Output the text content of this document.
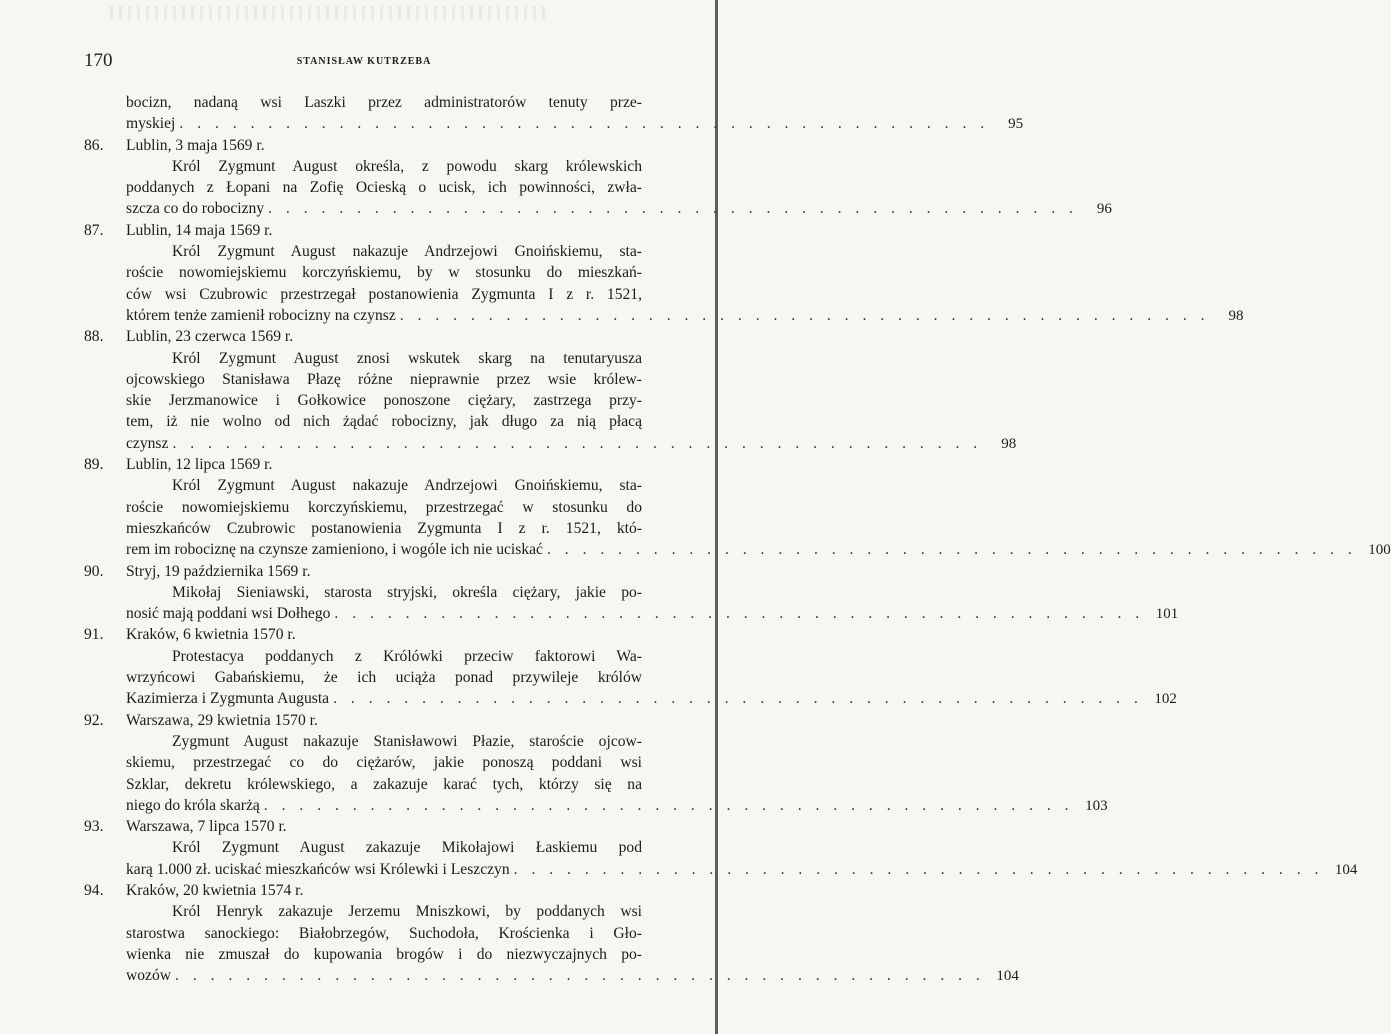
170	STANISŁAW KUTRZEBA
bocizn, nadaną wsi Laszki przez administratorów tenuty prze-
myskiej . . . . . . . . . . . . . . . . . . . . . . . . . . . . . . . . . . . . . . . . . . . . . .	95
86.	Lublin, 3 maja 1569 r.
Król Zygmunt August określa, z powodu skarg królewskich
poddanych z Łopani na Zofię Ocieską o ucisk, ich powinności, zwła-
szcza co do robocizny . . . . . . . . . . . . . . . . . . . . . . . . . . . . . . . . . . . . . . . . . . . . . .	96
87.	Lublin, 14 maja 1569 r.
Król Zygmunt August nakazuje Andrzejowi Gnoińskiemu, sta-
roście nowomiejskiemu korczyńskiemu, by w stosunku do mieszkań-
ców wsi Czubrowic przestrzegał postanowienia Zygmunta I z r. 1521,
którem tenże zamienił robocizny na czynsz . . . . . . . . . . . . . . . . . . . . . . . . . . . . . . . . . . . . . . . . . . . . . .	98
88.	Lublin, 23 czerwca 1569 r.
Król Zygmunt August znosi wskutek skarg na tenutaryusza
ojcowskiego Stanisława Płazę różne nieprawnie przez wsie królew-
skie Jerzmanowice i Gołkowice ponoszone ciężary, zastrzega przy-
tem, iż nie wolno od nich żądać robocizny, jak długo za nią płacą
czynsz . . . . . . . . . . . . . . . . . . . . . . . . . . . . . . . . . . . . . . . . . . . . . .	98
89.	Lublin, 12 lipca 1569 r.
Król Zygmunt August nakazuje Andrzejowi Gnoińskiemu, sta-
roście nowomiejskiemu korczyńskiemu, przestrzegać w stosunku do
mieszkańców Czubrowic postanowienia Zygmunta I z r. 1521, któ-
rem im robociznę na czynsze zamieniono, i wogóle ich nie uciskać . . . . . . . . . . . . . . . . . . . . . . . . . . . . . . . . . . . . . . . . . . . . . . 100
90.	Stryj, 19 października 1569 r.
Mikołaj Sieniawski, starosta stryjski, określa ciężary, jakie po-
nosić mają poddani wsi Dołhego . . . . . . . . . . . . . . . . . . . . . . . . . . . . . . . . . . . . . . . . . . . . . . 101
91.	Kraków, 6 kwietnia 1570 r.
Protestacya poddanych z Królówki przeciw faktorowi Wa-
wrzyńcowi Gabańskiemu, że ich uciąża ponad przywileje królów
Kazimierza i Zygmunta Augusta . . . . . . . . . . . . . . . . . . . . . . . . . . . . . . . . . . . . . . . . . . . . . . 102
92.	Warszawa, 29 kwietnia 1570 r.
Zygmunt August nakazuje Stanisławowi Płazie, staroście ojcow-
skiemu, przestrzegać co do ciężarów, jakie ponoszą poddani wsi
Szklar, dekretu królewskiego, a zakazuje karać tych, którzy się na
niego do króla skarżą . . . . . . . . . . . . . . . . . . . . . . . . . . . . . . . . . . . . . . . . . . . . . . 103
93.	Warszawa, 7 lipca 1570 r.
Król Zygmunt August zakazuje Mikołajowi Łaskiemu pod
karą 1.000 zł. uciskać mieszkańców wsi Królewki i Leszczyn . . . . . . . . . . . . . . . . . . . . . . . . . . . . . . . . . . . . . . . . . . . . . . 104
94.	Kraków, 20 kwietnia 1574 r.
Król Henryk zakazuje Jerzemu Mniszkowi, by poddanych wsi
starostwa sanockiego: Białobrzegów, Suchodoła, Krościenka i Gło-
wienka nie zmuszał do kupowania brogów i do niezwyczajnych po-
wozów . . . . . . . . . . . . . . . . . . . . . . . . . . . . . . . . . . . . . . . . . . . . . . 104
